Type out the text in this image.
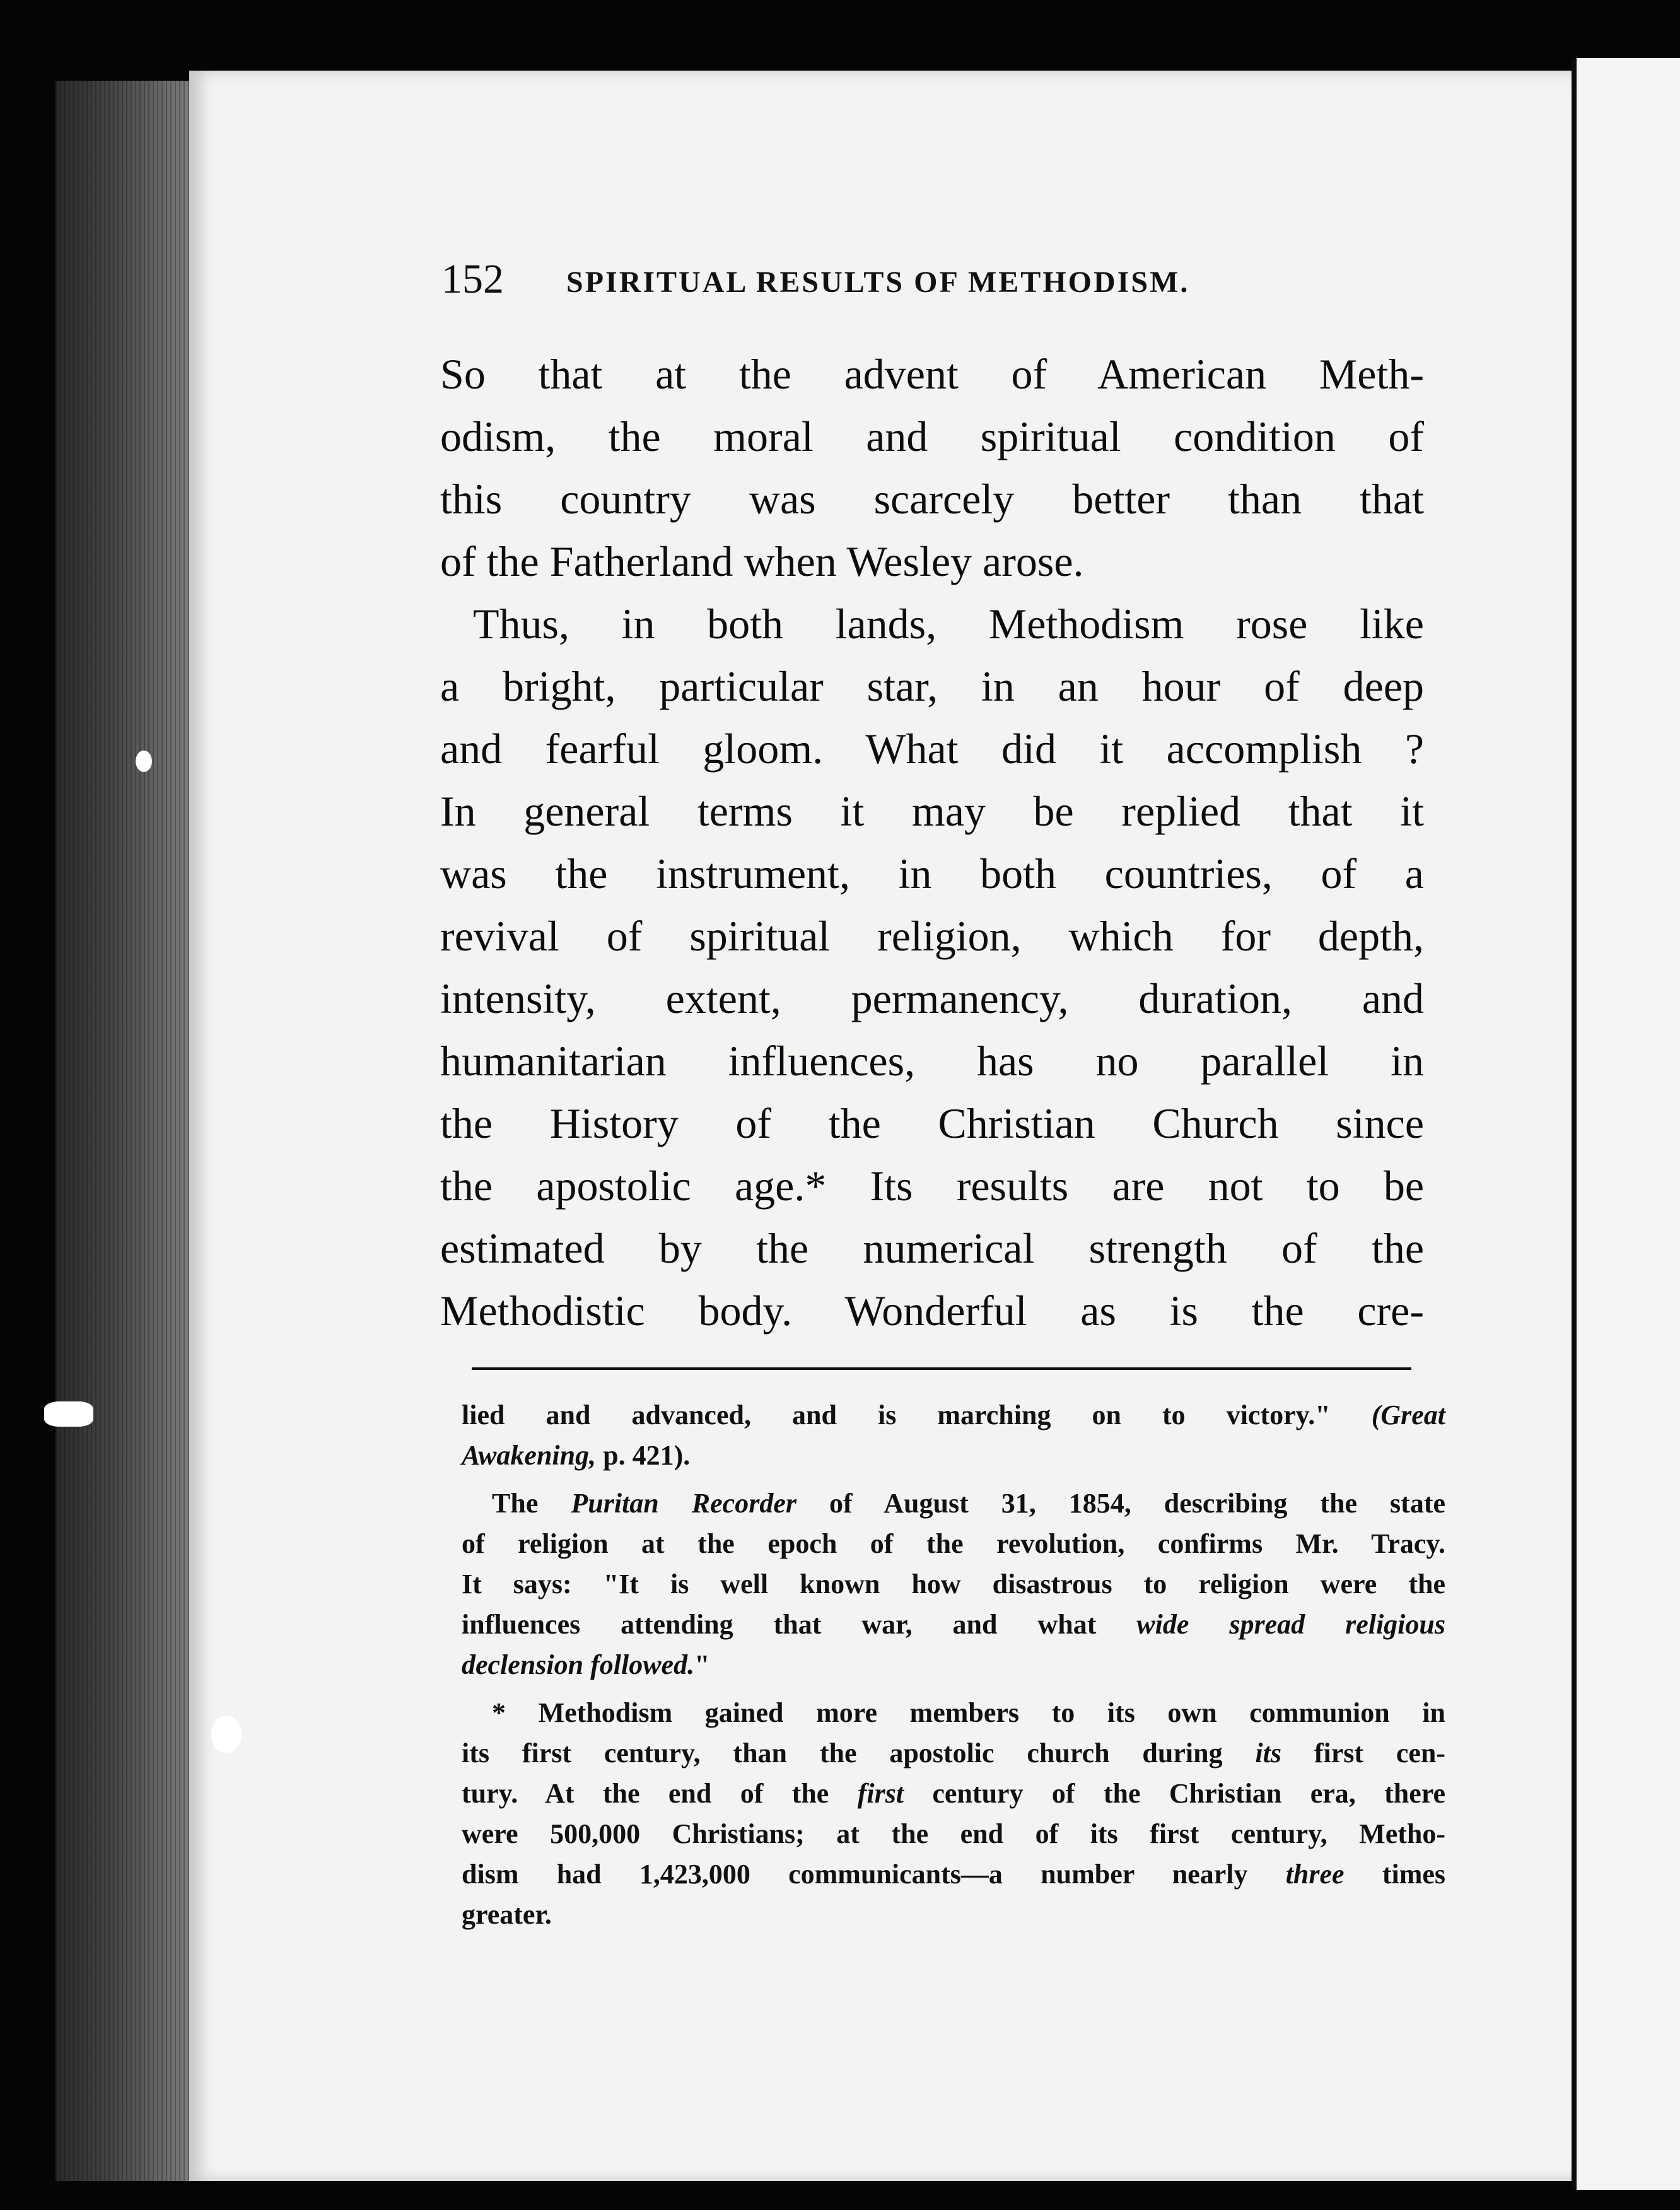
152 SPIRITUAL RESULTS OF METHODISM.
So that at the advent of American Meth-
odism, the moral and spiritual condition of
this country was scarcely better than that
of the Fatherland when Wesley arose.
Thus, in both lands, Methodism rose like
a bright, particular star, in an hour of deep
and fearful gloom. What did it accomplish ?
In general terms it may be replied that it
was the instrument, in both countries, of a
revival of spiritual religion, which for depth,
intensity, extent, permanency, duration, and
humanitarian influences, has no parallel in
the History of the Christian Church since
the apostolic age.* Its results are not to be
estimated by the numerical strength of the
Methodistic body. Wonderful as is the cre-
lied and advanced, and is marching on to victory." (Great
Awakening, p. 421).
The Puritan Recorder of August 31, 1854, describing the state
of religion at the epoch of the revolution, confirms Mr. Tracy.
It says: "It is well known how disastrous to religion were the
influences attending that war, and what wide spread religious
declension followed."
* Methodism gained more members to its own communion in
its first century, than the apostolic church during its first cen-
tury. At the end of the first century of the Christian era, there
were 500,000 Christians; at the end of its first century, Metho-
dism had 1,423,000 communicants—a number nearly three times
greater.
